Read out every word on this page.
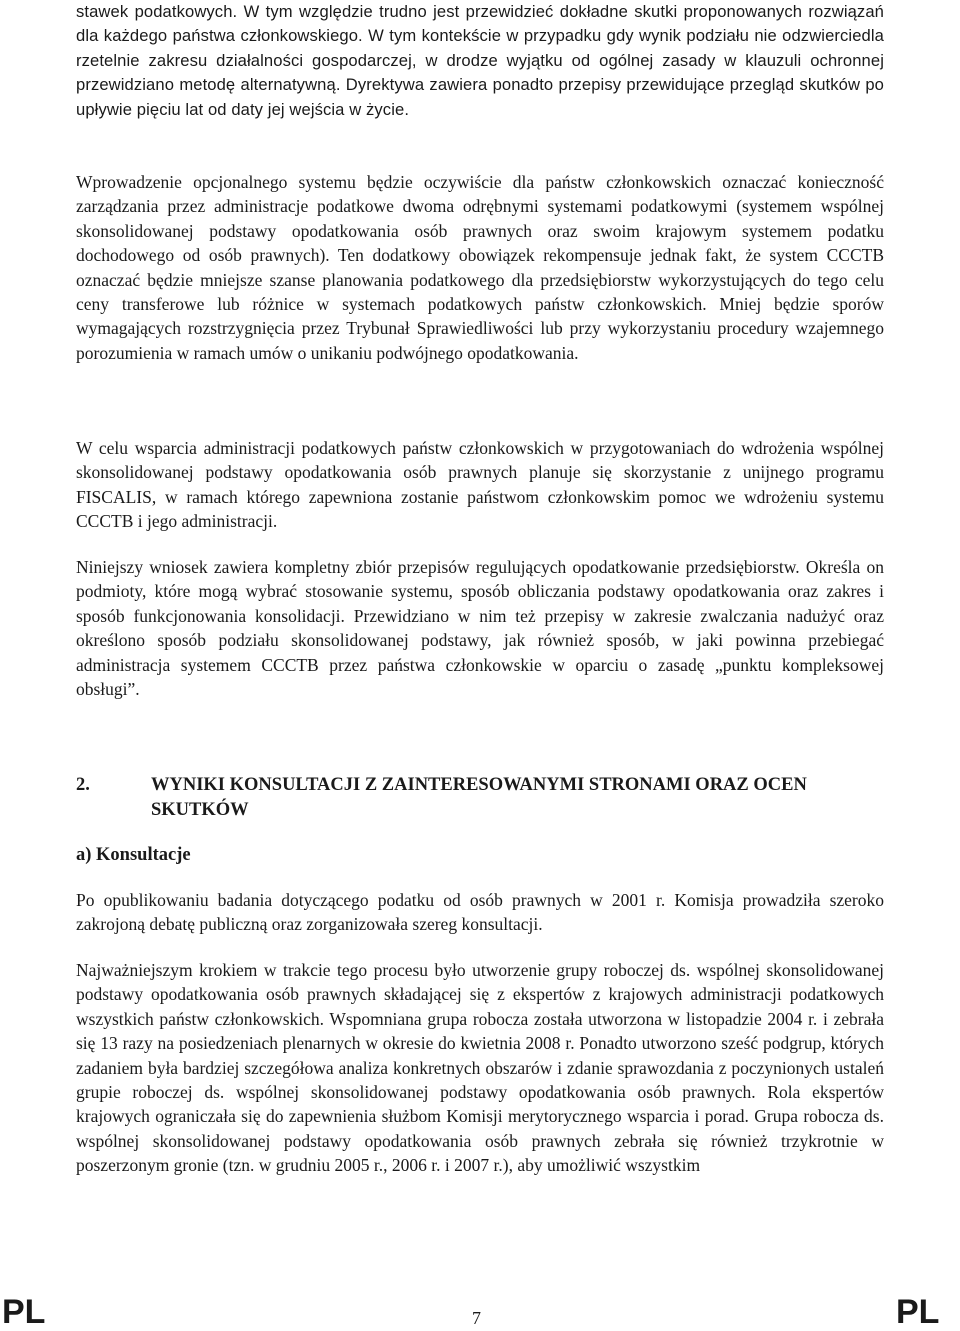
stawek podatkowych. W tym względzie trudno jest przewidzieć dokładne skutki proponowanych rozwiązań dla każdego państwa członkowskiego. W tym kontekście w przypadku gdy wynik podziału nie odzwierciedla rzetelnie zakresu działalności gospodarczej, w drodze wyjątku od ogólnej zasady w klauzuli ochronnej przewidziano metodę alternatywną. Dyrektywa zawiera ponadto przepisy przewidujące przegląd skutków po upływie pięciu lat od daty jej wejścia w życie.

Wprowadzenie opcjonalnego systemu będzie oczywiście dla państw członkowskich oznaczać konieczność zarządzania przez administracje podatkowe dwoma odrębnymi systemami podatkowymi (systemem wspólnej skonsolidowanej podstawy opodatkowania osób prawnych oraz swoim krajowym systemem podatku dochodowego od osób prawnych). Ten dodatkowy obowiązek rekompensuje jednak fakt, że system CCCTB oznaczać będzie mniejsze szanse planowania podatkowego dla przedsiębiorstw wykorzystujących do tego celu ceny transferowe lub różnice w systemach podatkowych państw członkowskich. Mniej będzie sporów wymagających rozstrzygnięcia przez Trybunał Sprawiedliwości lub przy wykorzystaniu procedury wzajemnego porozumienia w ramach umów o unikaniu podwójnego opodatkowania.

W celu wsparcia administracji podatkowych państw członkowskich w przygotowaniach do wdrożenia wspólnej skonsolidowanej podstawy opodatkowania osób prawnych planuje się skorzystanie z unijnego programu FISCALIS, w ramach którego zapewniona zostanie państwom członkowskim pomoc we wdrożeniu systemu CCCTB i jego administracji.

Niniejszy wniosek zawiera kompletny zbiór przepisów regulujących opodatkowanie przedsiębiorstw. Określa on podmioty, które mogą wybrać stosowanie systemu, sposób obliczania podstawy opodatkowania oraz zakres i sposób funkcjonowania konsolidacji. Przewidziano w nim też przepisy w zakresie zwalczania nadużyć oraz określono sposób podziału skonsolidowanej podstawy, jak również sposób, w jaki powinna przebiegać administracja systemem CCCTB przez państwa członkowskie w oparciu o zasadę „punktu kompleksowej obsługi”.

2.	WYNIKI KONSULTACJI Z ZAINTERESOWANYMI STRONAMI ORAZ OCEN SKUTKÓW

a) Konsultacje

Po opublikowaniu badania dotyczącego podatku od osób prawnych w 2001 r. Komisja prowadziła szeroko zakrojoną debatę publiczną oraz zorganizowała szereg konsultacji.

Najważniejszym krokiem w trakcie tego procesu było utworzenie grupy roboczej ds. wspólnej skonsolidowanej podstawy opodatkowania osób prawnych składającej się z ekspertów z krajowych administracji podatkowych wszystkich państw członkowskich. Wspomniana grupa robocza została utworzona w listopadzie 2004 r. i zebrała się 13 razy na posiedzeniach plenarnych w okresie do kwietnia 2008 r. Ponadto utworzono sześć podgrup, których zadaniem była bardziej szczegółowa analiza konkretnych obszarów i zdanie sprawozdania z poczynionych ustaleń grupie roboczej ds. wspólnej skonsolidowanej podstawy opodatkowania osób prawnych. Rola ekspertów krajowych ograniczała się do zapewnienia służbom Komisji merytorycznego wsparcia i porad. Grupa robocza ds. wspólnej skonsolidowanej podstawy opodatkowania osób prawnych zebrała się również trzykrotnie w poszerzonym gronie (tzn. w grudniu 2005 r., 2006 r. i 2007 r.), aby umożliwić wszystkim

PL	7	PL
